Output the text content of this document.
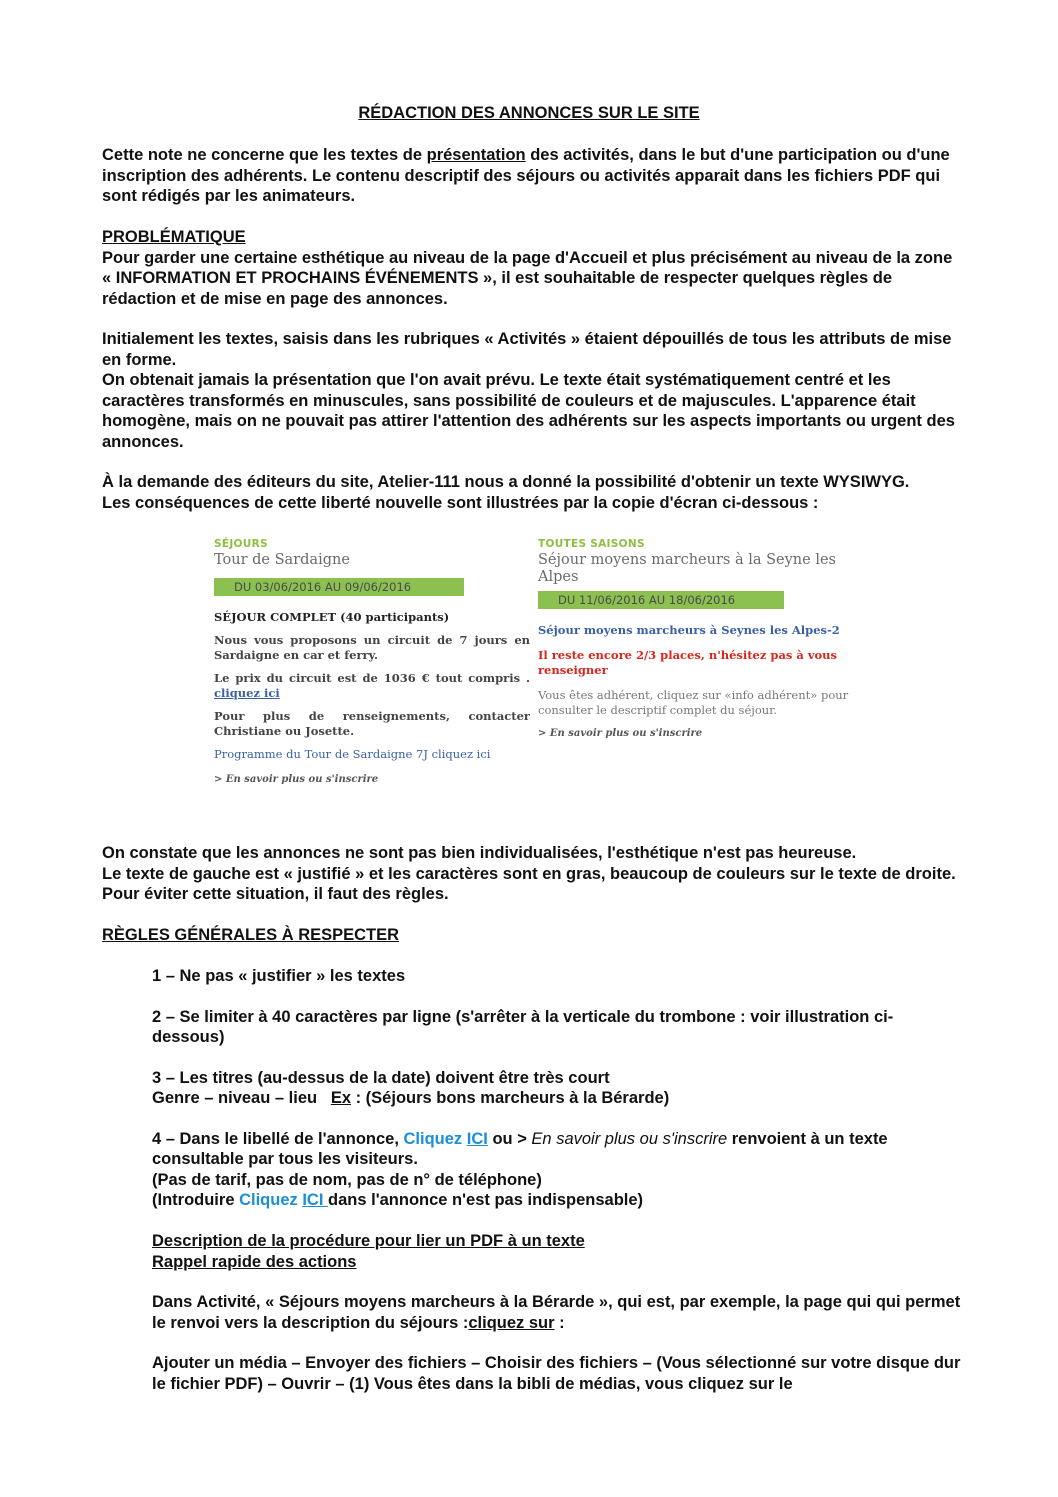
RÉDACTION DES ANNONCES SUR LE SITE
Cette note ne concerne que les textes de présentation des activités, dans le but d'une participation ou d'une inscription des adhérents. Le contenu descriptif des séjours ou activités apparait dans les fichiers PDF qui sont rédigés par les animateurs.

PROBLÉMATIQUE

Pour garder une certaine esthétique au niveau de la page d'Accueil et plus précisément au niveau de la zone « INFORMATION ET PROCHAINS ÉVÉNEMENTS », il est souhaitable de respecter quelques règles de rédaction et de mise en page des annonces.

Initialement les textes, saisis dans les rubriques « Activités » étaient dépouillés de tous les attributs de mise en forme.

On obtenait jamais la présentation que l'on avait prévu. Le texte était systématiquement centré et les caractères transformés en minuscules, sans possibilité de couleurs et de majuscules. L'apparence était homogène, mais on ne pouvait pas attirer l'attention des adhérents sur les aspects importants ou urgent des annonces.

À la demande des éditeurs du site, Atelier-111 nous a donné la possibilité d'obtenir un texte WYSIWYG.

Les conséquences de cette liberté nouvelle sont illustrées par la copie d'écran ci-dessous :

SÉJOURS
Tour de Sardaigne
DU 03/06/2016 AU 09/06/2016
SÉJOUR COMPLET (40 participants)
Nous vous proposons un circuit de 7 jours en Sardaigne en car et ferry.
Le prix du circuit est de 1036 € tout compris . cliquez ici
Pour plus de renseignements, contacter Christiane ou Josette.
Programme du Tour de Sardaigne 7J cliquez ici
> En savoir plus ou s'inscrire
TOUTES SAISONS
Séjour moyens marcheurs à la Seyne les Alpes
DU 11/06/2016 AU 18/06/2016
Séjour moyens marcheurs à Seynes les Alpes-2
Il reste encore 2/3 places, n'hésitez pas à vous renseigner
Vous êtes adhérent, cliquez sur «info adhérent» pour consulter le descriptif complet du séjour.
> En savoir plus ou s'inscrire

On constate que les annonces ne sont pas bien individualisées, l'esthétique n'est pas heureuse.

Le texte de gauche est « justifié » et les caractères sont en gras, beaucoup de couleurs sur le texte de droite. Pour éviter cette situation, il faut des règles.

RÈGLES GÉNÉRALES À RESPECTER

1 – Ne pas « justifier » les textes

2 – Se limiter à 40 caractères par ligne (s'arrêter à la verticale du trombone : voir illustration ci-dessous)

3 – Les titres (au-dessus de la date) doivent être très court

Genre – niveau – lieu   Ex : (Séjours bons marcheurs à la Bérarde)

4 – Dans le libellé de l'annonce, Cliquez ICI ou > En savoir plus ou s'inscrire renvoient à un texte consultable par tous les visiteurs.

(Pas de tarif, pas de nom, pas de n° de téléphone)

(Introduire Cliquez ICI dans l'annonce n'est pas indispensable)

Description de la procédure pour lier un PDF à un texte

Rappel rapide des actions

Dans Activité, « Séjours moyens marcheurs à la Bérarde », qui est, par exemple, la page qui qui permet le renvoi vers la description du séjours :cliquez sur :

Ajouter un média – Envoyer des fichiers – Choisir des fichiers – (Vous sélectionné sur votre disque dur le fichier PDF) – Ouvrir – (1) Vous êtes dans la bibli de médias, vous cliquez sur le
